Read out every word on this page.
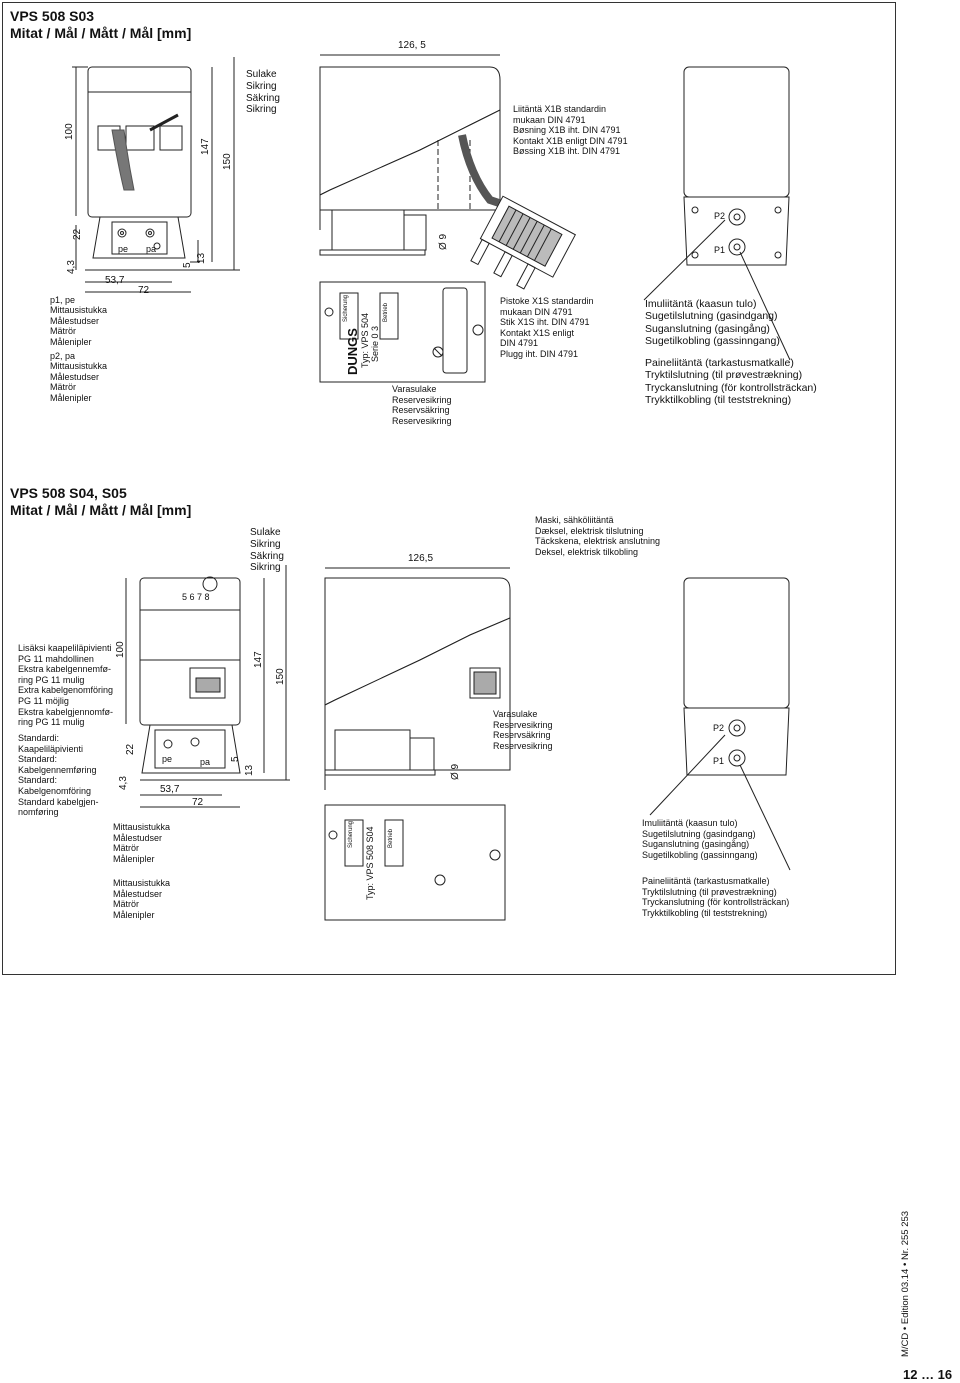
VPS 508 S03
Mitat / Mål / Mått / Mål [mm]
Sulake
Sikring
Säkring
Sikring	Liitäntä X1B standardin
mukaan DIN 4791
Bøsning X1B iht. DIN 4791
Kontakt X1B enligt DIN 4791
Bøssing X1B iht. DIN 4791
Pistoke X1S standardin
mukaan DIN 4791
Stik X1S iht. DIN 4791
Kontakt X1S enligt
DIN 4791
Plugg iht. DIN 4791
Varasulake
Reservesikring
Reservsäkring
Reservesikring
p1, pe
Mittausistukka
Målestudser
Mätrör
Målenipler
p2, pa
Mittausistukka
Målestudser
Mätrör
Målenipler
Imuliitäntä (kaasun tulo)
Sugetilslutning (gasindgang)
Suganslutning (gasingång)
Sugetilkobling (gassinngang)
Paineliitäntä (tarkastusmatkalle)
Tryktilslutning (til prøvestrækning)
Tryckanslutning (för kontrollsträckan)
Trykktilkobling (til teststrekning)
100
147
150
126, 5
22
4,3
53,7
72
5
13
Ø 9
pe pa
P2
P1
DUNGS Typ: VPS 504 Serie 0 3
Sicherung	Betrieb
VPS 508 S04, S05
Mitat / Mål / Mått / Mål [mm]
Sulake
Sikring
Säkring
Sikring
Maski, sähköliitäntä
Dæksel, elektrisk tilslutning
Täckskena, elektrisk anslutning
Deksel, elektrisk tilkobling
Lisäksi kaapeliläpivienti
PG 11 mahdollinen
Ekstra kabelgennemfø-
ring PG 11 mulig
Extra kabelgenomföring
PG 11 möjlig
Ekstra kabelgjennomfø-
ring PG 11 mulig
Standardi:
Kaapeliläpivienti
Standard:
Kabelgennemføring
Standard:
Kabelgenomföring
Standard kabelgjen-
nomføring
Varasulake
Reservesikring
Reservsäkring
Reservesikring
Mittausistukka
Målestudser
Mätrör
Målenipler
Mittausistukka
Målestudser
Mätrör
Målenipler
Imuliitäntä (kaasun tulo)
Sugetilslutning (gasindgang)
Suganslutning (gasingång)
Sugetilkobling (gassinngang)
Paineliitäntä (tarkastusmatkalle)
Tryktilslutning (til prøvestrækning)
Tryckanslutning (för kontrollsträckan)
Trykktilkobling (til teststrekning)
100
147
150
126,5
22
4,3	53,7
72
5
13	Ø 9
pe	pa
P2
P1
5 6 7 8
Typ: VPS 508 S04
Sicherung	Betrieb
M/CD • Edition 03.14 • Nr. 255 253
12 … 16
